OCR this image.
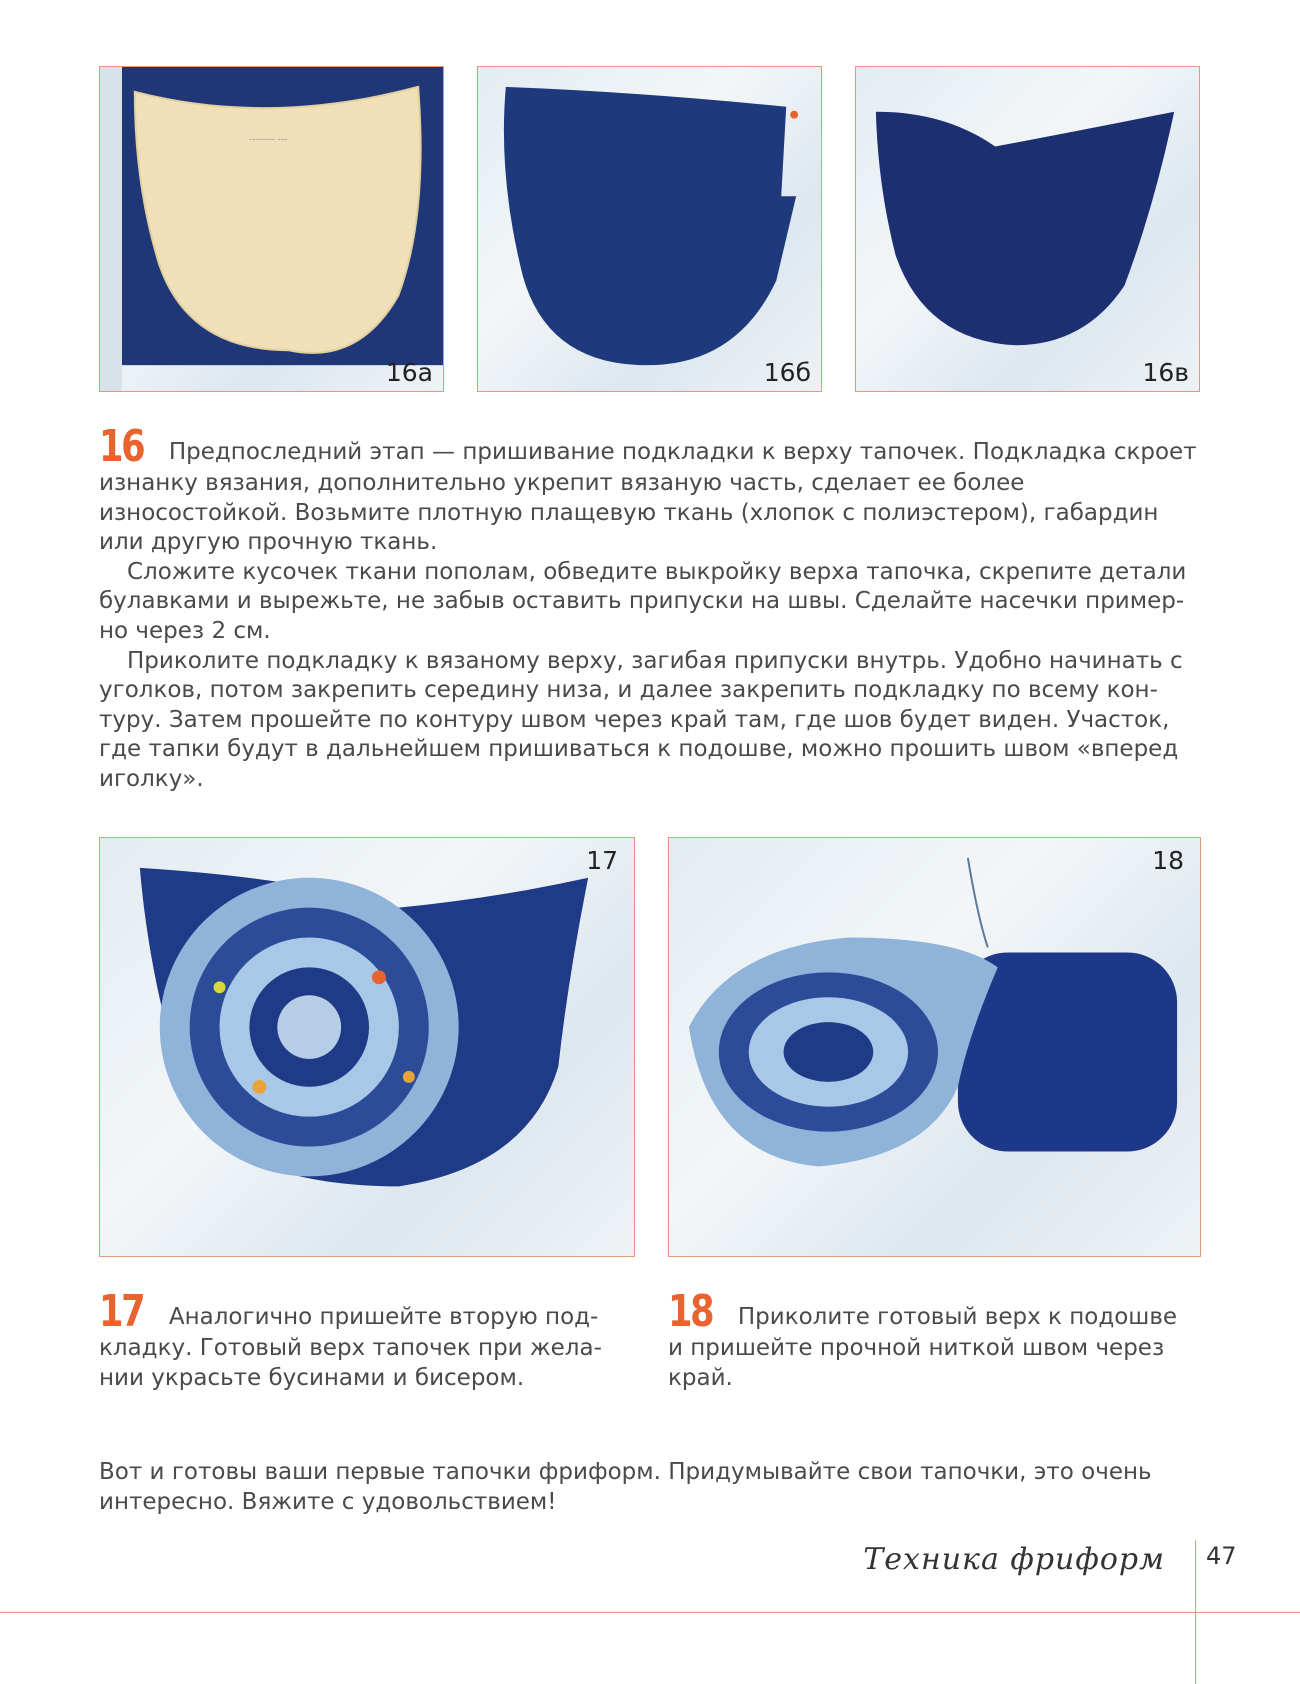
-------- ---
16а	16б	16в

16 Предпоследний этап — пришивание подкладки к верху тапочек. Подкладка скроет изнанку вязания, дополнительно укрепит вязаную часть, сделает ее более износостойкой. Возьмите плотную плащевую ткань (хлопок с полиэстером), габардин или другую прочную ткань.

Сложите кусочек ткани пополам, обведите выкройку верха тапочка, скрепите детали булавками и вырежьте, не забыв оставить припуски на швы. Сделайте насечки пример-но через 2 см.

Приколите подкладку к вязаному верху, загибая припуски внутрь. Удобно начинать с уголков, потом закрепить середину низа, и далее закрепить подкладку по всему кон-туру. Затем прошейте по контуру швом через край там, где шов будет виден. Участок, где тапки будут в дальнейшем пришиваться к подошве, можно прошить швом «вперед иголку».

17	18

17 Аналогично пришейте вторую под-кладку. Готовый верх тапочек при жела-нии украсьте бусинами и бисером.

18 Приколите готовый верх к подошве и пришейте прочной ниткой швом через край.

Вот и готовы ваши первые тапочки фриформ. Придумывайте свои тапочки, это очень интересно. Вяжите с удовольствием!

Техника фриформ 47
